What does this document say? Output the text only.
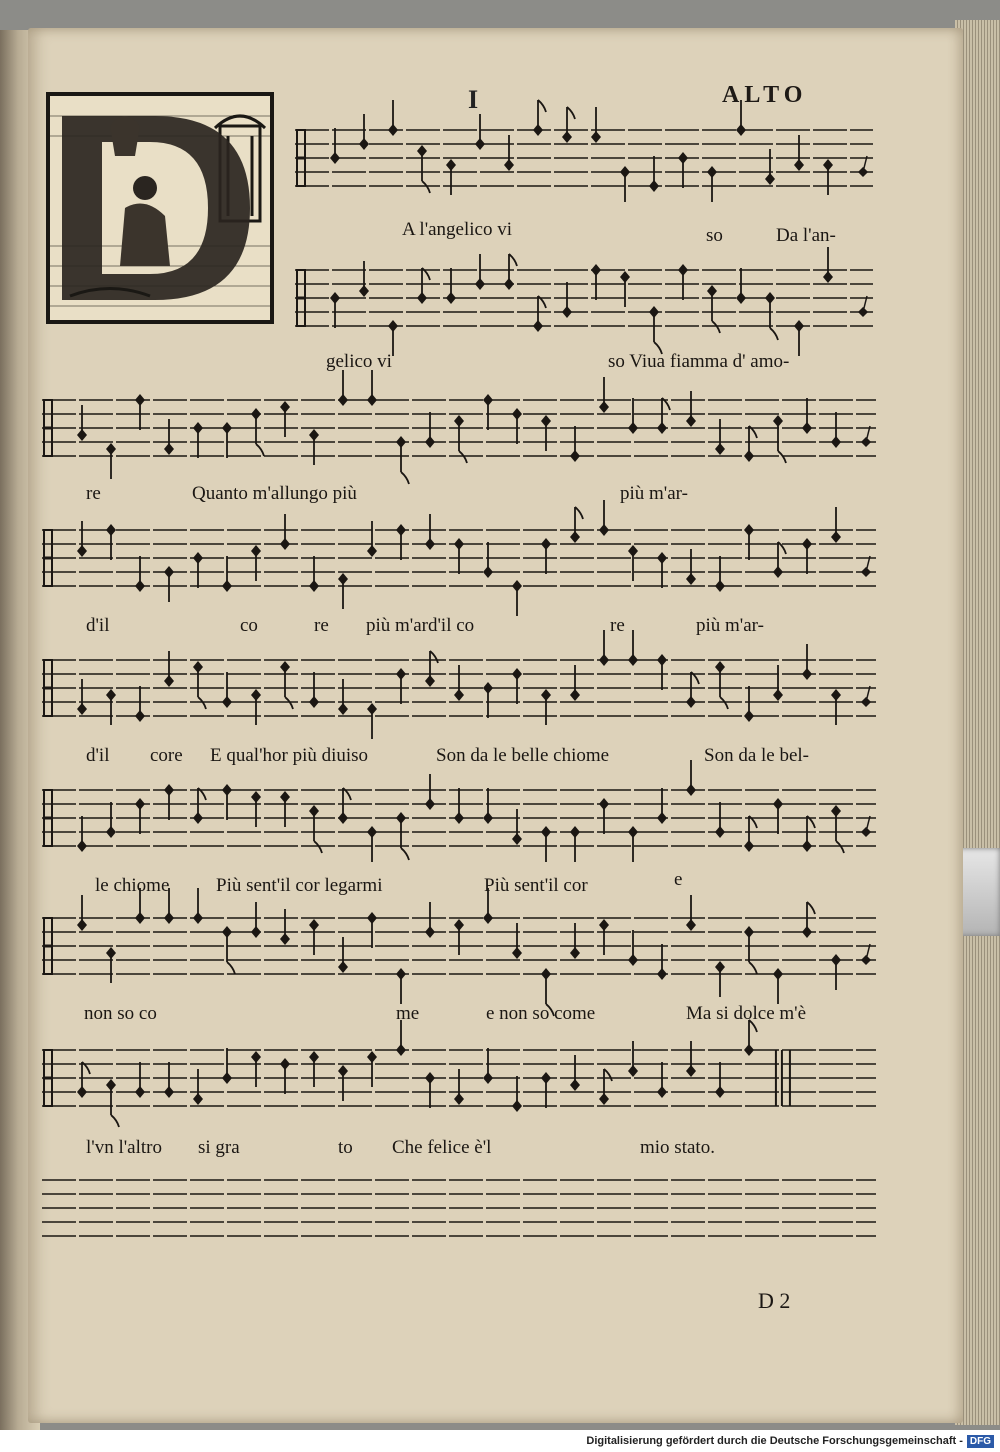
I	ALTO
A l'angelico vi	so	Da l'an-
gelico vi	so Viua fiamma d' amo-
re	Quanto m'allungo più	più m'ar-
d'il	co	re più m'ard'il co	re	più m'ar-
d'il core E qual'hor più diuiso	Son da le belle chiome	Son da le bel-
le chiome Più sent'il cor legarmi	Più sent'il cor	e
non so co	me	e non so come	Ma si dolce m'è
l'vn l'altro si gra	to Che felice è'l	mio stato.
D 2
Digitalisierung gefördert durch die Deutsche Forschungsgemeinschaft - DFG
